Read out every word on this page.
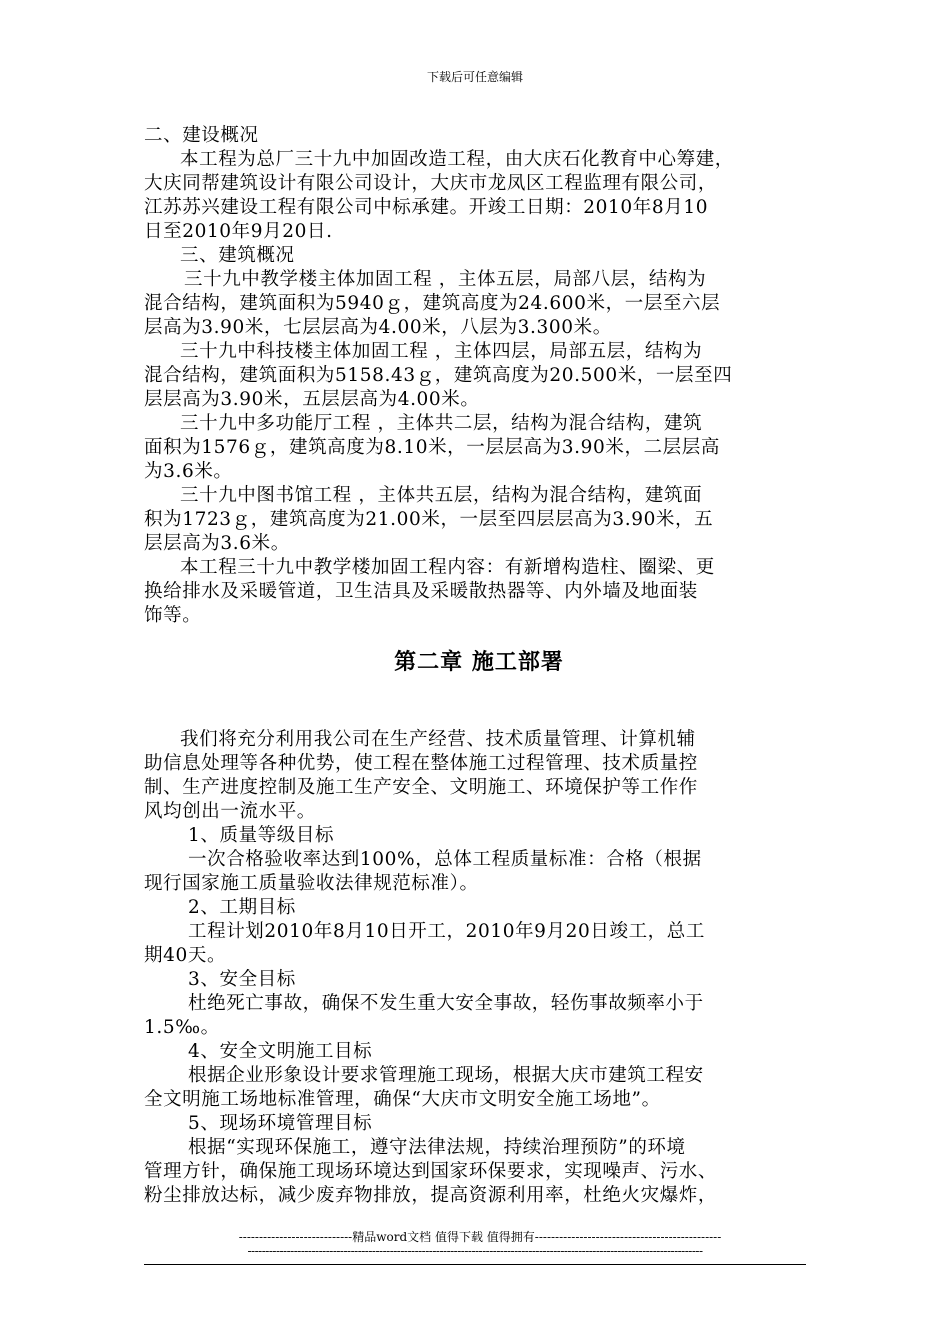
下载后可任意编辑
二、建设概况
本工程为总厂三十九中加固改造工程，由大庆石化教育中心筹建，
大庆同帮建筑设计有限公司设计，大庆市龙凤区工程监理有限公司，
江苏苏兴建设工程有限公司中标承建。开竣工日期：2010年8月10
日至2010年9月20日.
三、建筑概况
三十九中教学楼主体加固工程 ，主体五层，局部八层，结构为
混合结构，建筑面积为5940ｇ，建筑高度为24.600米，一层至六层
层高为3.90米，七层层高为4.00米，八层为3.300米。
三十九中科技楼主体加固工程 ，主体四层，局部五层，结构为
混合结构，建筑面积为5158.43ｇ，建筑高度为20.500米，一层至四
层层高为3.90米，五层层高为4.00米。
三十九中多功能厅工程 ，主体共二层，结构为混合结构，建筑
面积为1576ｇ，建筑高度为8.10米，一层层高为3.90米，二层层高
为3.6米。
三十九中图书馆工程 ，主体共五层，结构为混合结构，建筑面
积为1723ｇ，建筑高度为21.00米，一层至四层层高为3.90米，五
层层高为3.6米。
本工程三十九中教学楼加固工程内容：有新增构造柱、圈梁、更
换给排水及采暖管道，卫生洁具及采暖散热器等、内外墙及地面装
饰等。
第二章 施工部署
我们将充分利用我公司在生产经营、技术质量管理、计算机辅
助信息处理等各种优势，使工程在整体施工过程管理、技术质量控
制、生产进度控制及施工生产安全、文明施工、环境保护等工作作
风均创出一流水平。
1、质量等级目标
一次合格验收率达到100%，总体工程质量标准：合格（根据
现行国家施工质量验收法律规范标准）。
2、工期目标
工程计划2010年8月10日开工，2010年9月20日竣工，总工
期40天。
3、安全目标
杜绝死亡事故，确保不发生重大安全事故，轻伤事故频率小于
1.5‰。
4、安全文明施工目标
根据企业形象设计要求管理施工现场，根据大庆市建筑工程安
全文明施工场地标准管理，确保“大庆市文明安全施工场地”。
5、现场环境管理目标
根据“实现环保施工，遵守法律法规，持续治理预防”的环境
管理方针，确保施工现场环境达到国家环保要求，实现噪声、污水、
粉尘排放达标，减少废弃物排放，提高资源利用率，杜绝火灾爆炸，
----------------------------精品word文档 值得下载 值得拥有----------------------------------------------
--------------------------------------------------------------------------------------------------------------------------------
